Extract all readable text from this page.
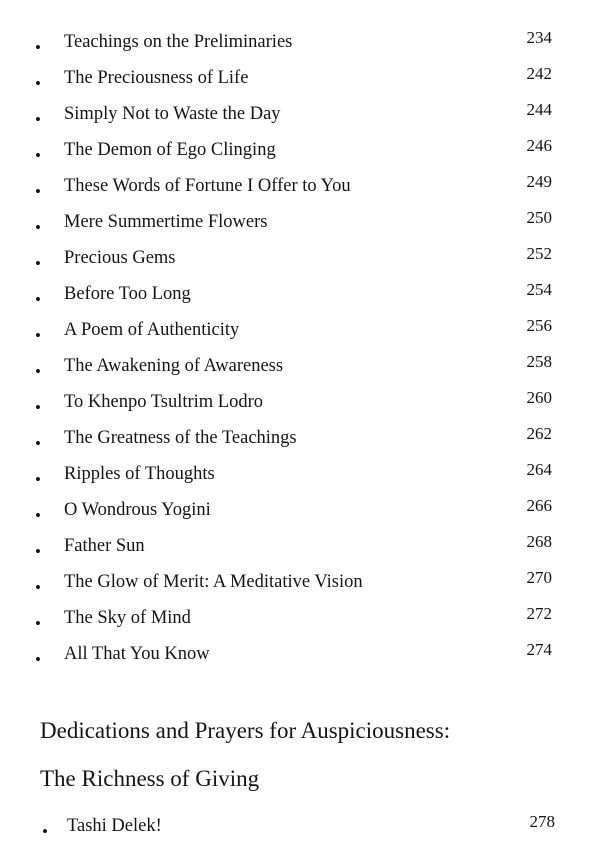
• Teachings on the Preliminaries	234
• The Preciousness of Life	242
• Simply Not to Waste the Day	244
• The Demon of Ego Clinging	246
• These Words of Fortune I Offer to You	249
• Mere Summertime Flowers	250
• Precious Gems	252
• Before Too Long	254
• A Poem of Authenticity	256
• The Awakening of Awareness	258
• To Khenpo Tsultrim Lodro	260
• The Greatness of the Teachings	262
• Ripples of Thoughts	264
• O Wondrous Yogini	266
• Father Sun	268
• The Glow of Merit: A Meditative Vision	270
• The Sky of Mind	272
• All That You Know	274
Dedications and Prayers for Auspiciousness:
The Richness of Giving
• Tashi Delek!	278
